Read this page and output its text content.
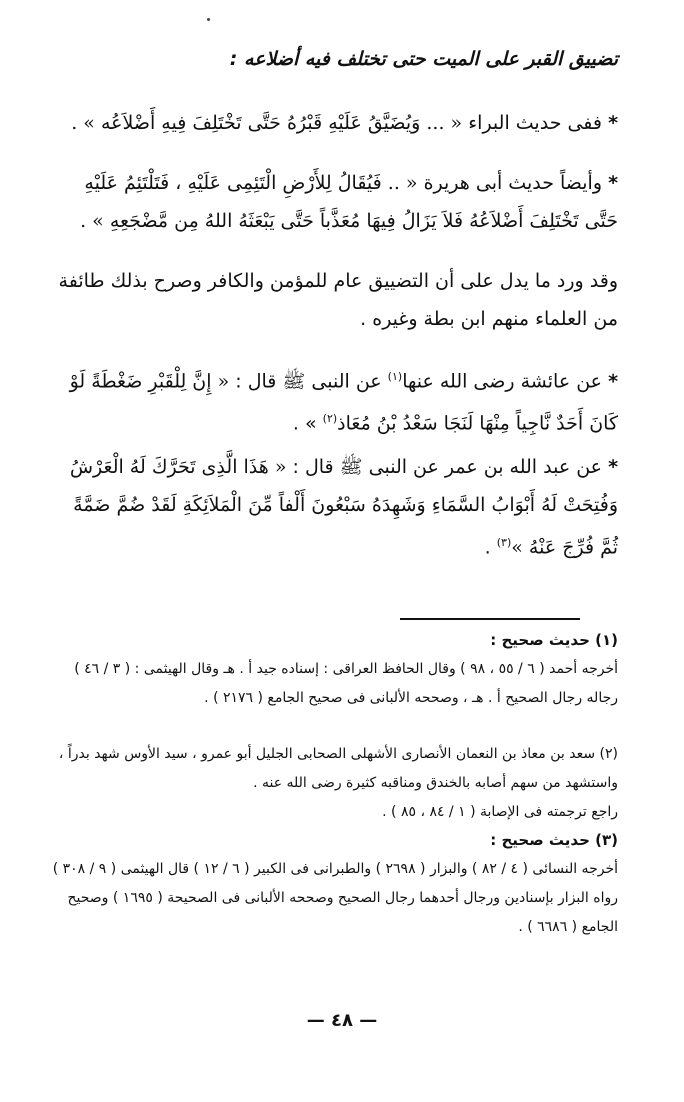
تضييق القبر على الميت حتى تختلف فيه أضلاعه :
* ففى حديث البراء « ... وَيُضَيَّقُ عَلَيْهِ قَبْرُهُ حَتَّى تَخْتَلِفَ فِيهِ أَضْلاَعُه » .
* وأيضاً حديث أبى هريرة « .. فَيُقَالُ لِلأَرْضِ الْتَئِمِى عَلَيْهِ ، فَتَلْتَئِمُ عَلَيْهِ حَتَّى تَخْتَلِفَ أَضْلاَعُهُ فَلاَ يَزَالُ فِيهَا مُعَذَّباً حَتَّى يَبْعَثَهُ اللهُ مِن مَّضْجَعِهِ » .
وقد ورد ما يدل على أن التضييق عام للمؤمن والكافر وصرح بذلك طائفة من العلماء منهم ابن بطة وغيره .
* عن عائشة رضى الله عنها$^{(١)}$ عن النبى ﷺ قال : « إِنَّ لِلْقَبْرِ ضَغْطَةً لَوْ كَانَ أَحَدٌ نَّاجِياً مِنْهَا لَنَجَا سَعْدُ بْنُ مُعَاذ$^{(٢)}$ » .
* عن عبد الله بن عمر عن النبى ﷺ قال : « هَذَا الَّذِى تَحَرَّكَ لَهُ الْعَرْشُ وَفُتِحَتْ لَهُ أَبْوَابُ السَّمَاءِ وَشَهِدَهُ سَبْعُونَ أَلْفاً مِّنَ الْمَلاَئِكَةِ لَقَدْ ضُمَّ ضَمَّةً ثُمَّ فُرِّجَ عَنْهُ »$^{(٣)}$ .
(١) حديث صحيح :
أخرجه أحمد ( ٦ / ٥٥ ، ٩٨ ) وقال الحافظ العراقى : إسناده جيد أ . هـ وقال الهيثمى : ( ٣ / ٤٦ ) رجاله رجال الصحيح أ . هـ ، وصححه الألبانى فى صحيح الجامع ( ٢١٧٦ ) .
(٢) سعد بن معاذ بن النعمان الأنصارى الأشهلى الصحابى الجليل أبو عمرو ، سيد الأوس شهد بدراً ، واستشهد من سهم أصابه بالخندق ومناقبه كثيرة رضى الله عنه .
راجع ترجمته فى الإصابة ( ١ / ٨٤ ، ٨٥ ) .
(٣) حديث صحيح :
أخرجه النسائى ( ٤ / ٨٢ ) والبزار ( ٢٦٩٨ ) والطبرانى فى الكبير ( ٦ / ١٢ ) قال الهيثمى ( ٩ / ٣٠٨ ) رواه البزار بإسنادين ورجال أحدهما رجال الصحيح وصححه الألبانى فى الصحيحة ( ١٦٩٥ ) وصحيح الجامع ( ٦٦٨٦ ) .
— ٤٨ —
